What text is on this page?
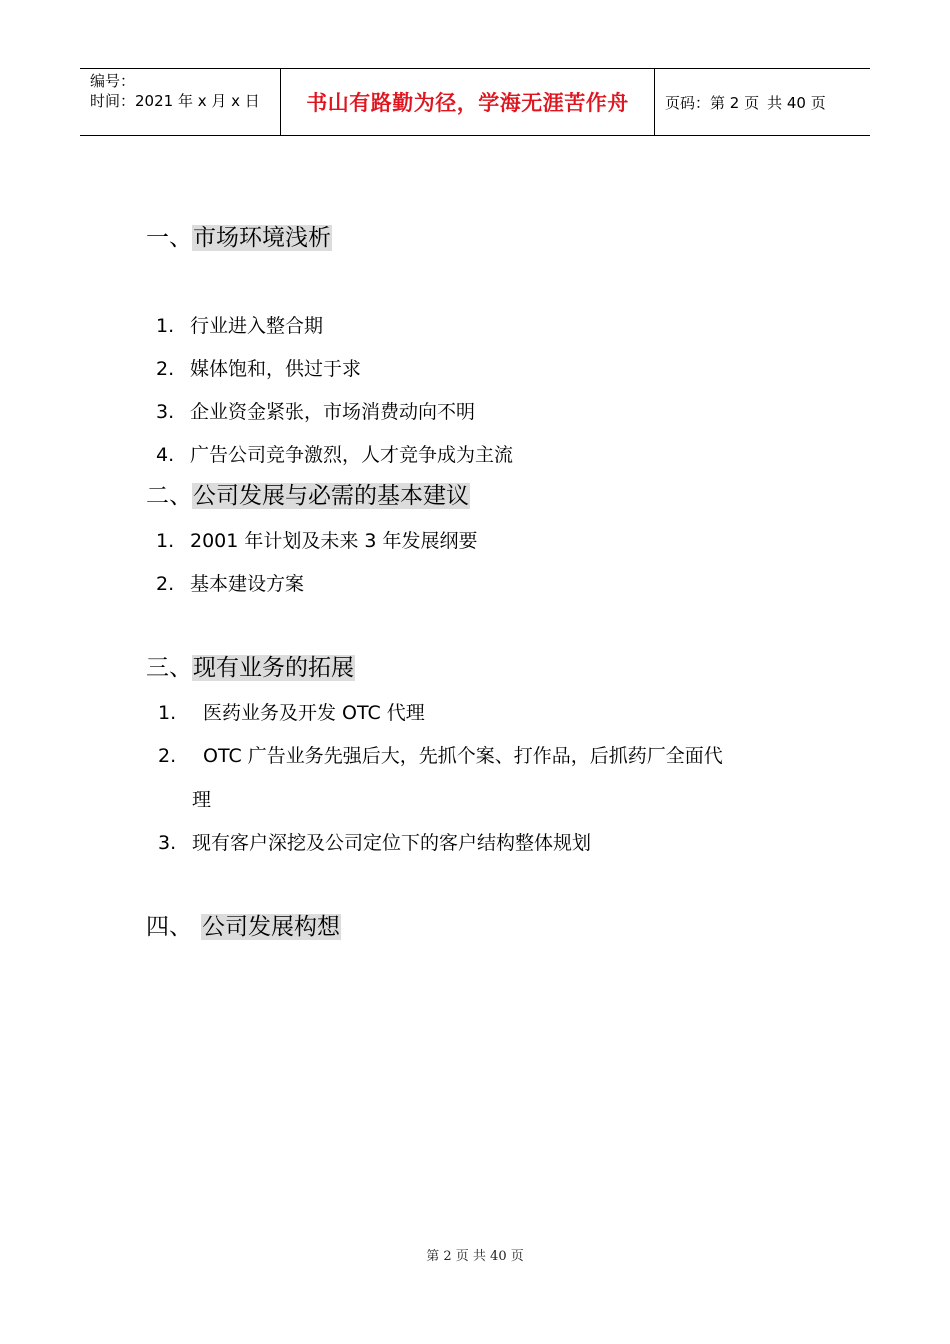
编号：
时间：2021 年 x 月 x 日	书山有路勤为径，学海无涯苦作舟 页码：第 2 页 共 40 页
一、市场环境浅析
1. 行业进入整合期
2. 媒体饱和，供过于求
3. 企业资金紧张，市场消费动向不明
4. 广告公司竞争激烈，人才竞争成为主流
二、公司发展与必需的基本建议
1. 2001 年计划及未来 3 年发展纲要
2. 基本建设方案
三、现有业务的拓展
1. 医药业务及开发 OTC 代理
2. OTC 广告业务先强后大，先抓个案、打作品，后抓药厂全面代
理
3. 现有客户深挖及公司定位下的客户结构整体规划
四、 公司发展构想
第 2 页 共 40 页
